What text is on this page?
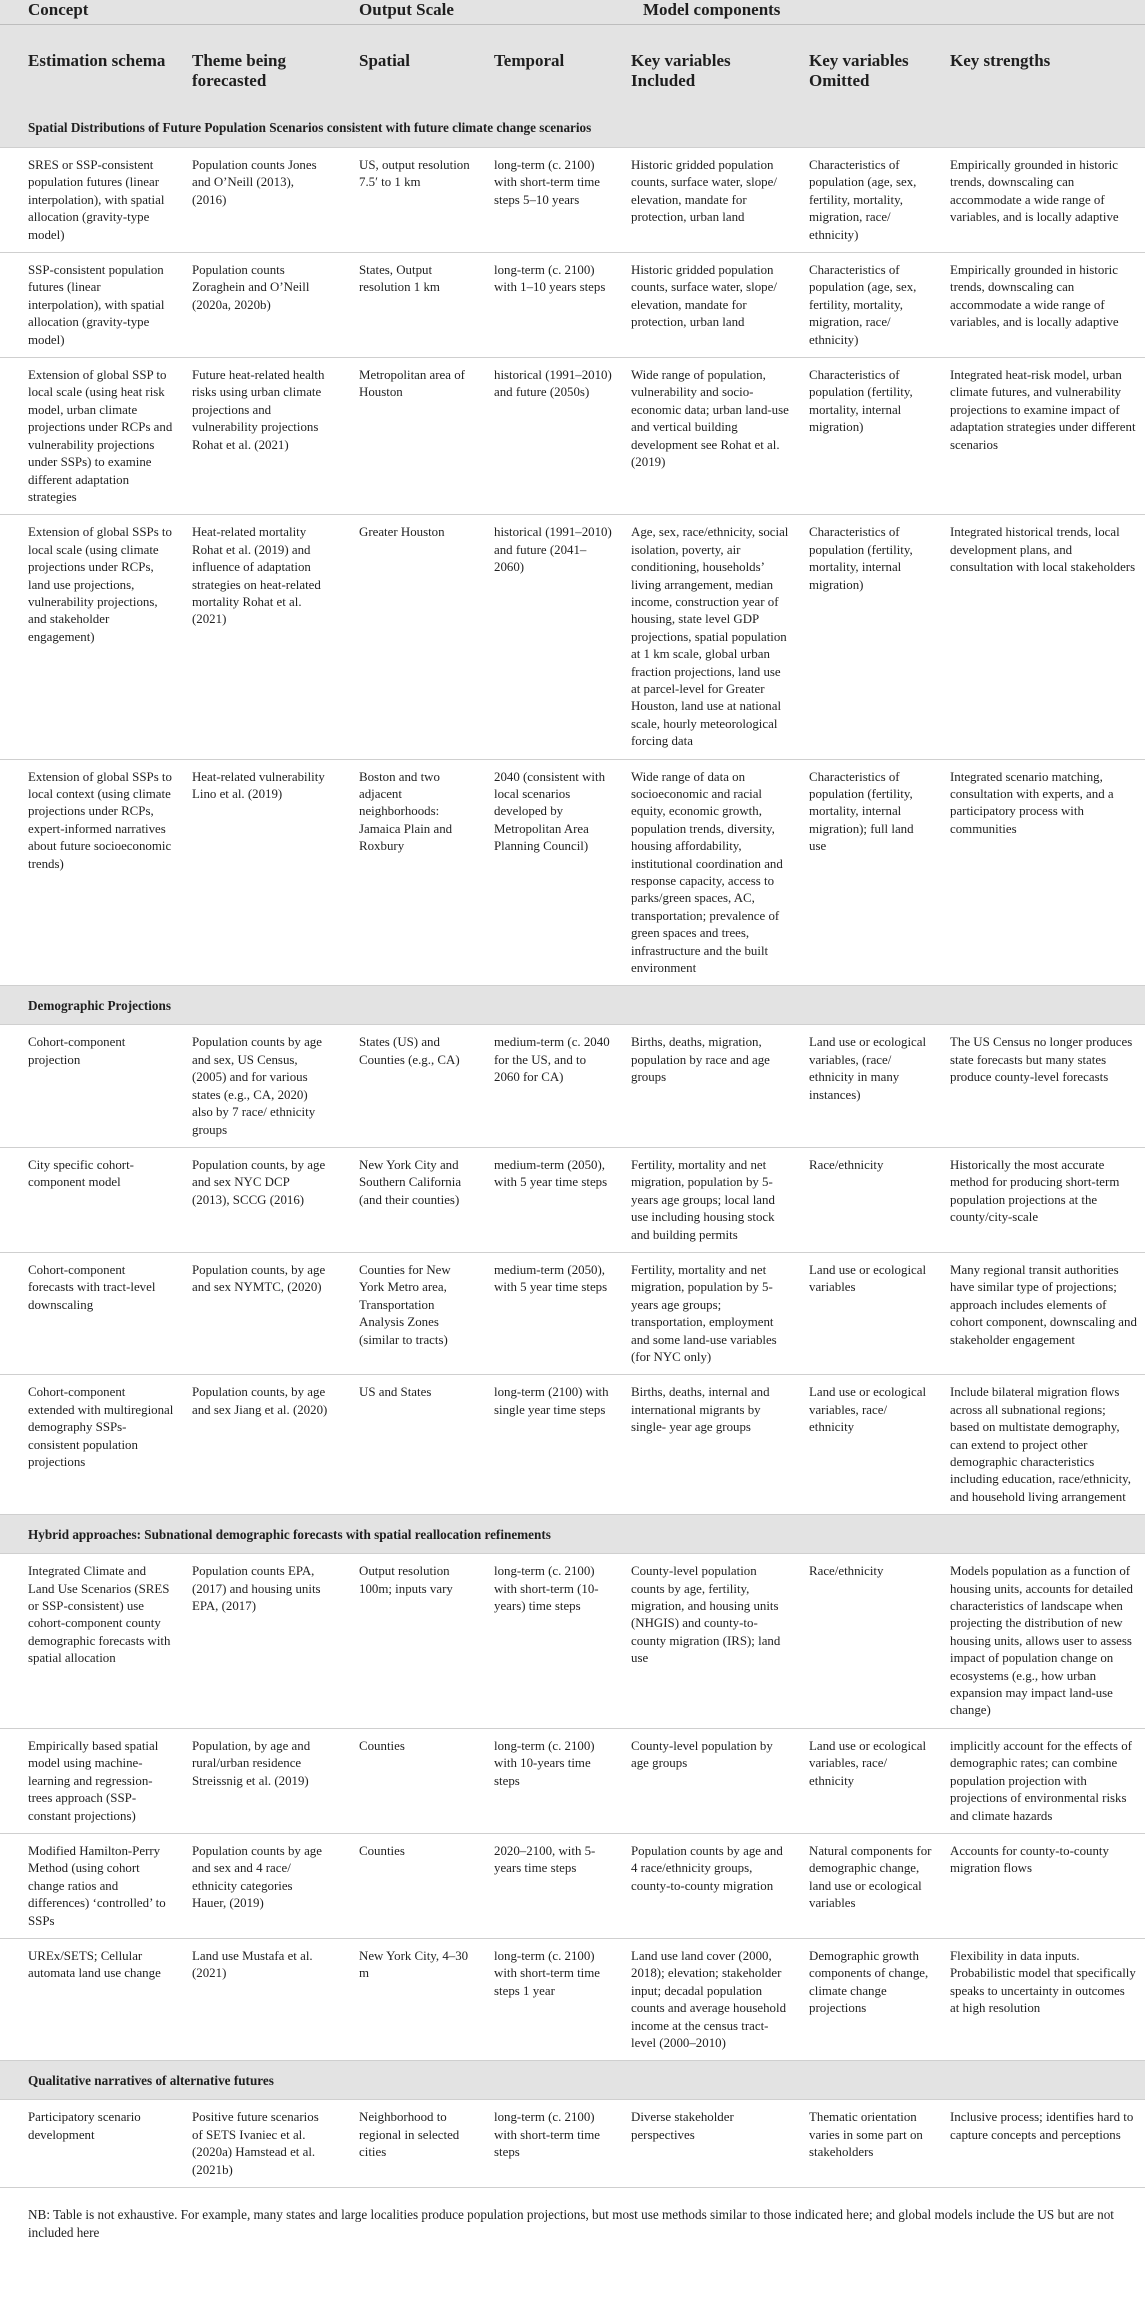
Concept		Output Scale		Model components		
Estimation schema	Theme being forecasted	Spatial	Temporal	Key variables Included	Key variables Omitted	Key strengths
Spatial Distributions of Future Population Scenarios consistent with future climate change scenarios						
SRES or SSP-consistent population futures (linear interpolation), with spatial allocation (gravity-type model)	Population counts Jones and O’Neill (2013), (2016)	US, output resolution 7.5′ to 1 km	long-term (c. 2100) with short-term time steps 5–10 years	Historic gridded population counts, surface water, slope/ elevation, mandate for protection, urban land	Characteristics of population (age, sex, fertility, mortality, migration, race/ ethnicity)	Empirically grounded in historic trends, downscaling can accommodate a wide range of variables, and is locally adaptive
SSP-consistent population futures (linear interpolation), with spatial allocation (gravity-type model)	Population counts Zoraghein and O’Neill (2020a, 2020b)	States, Output resolution 1 km	long-term (c. 2100) with 1–10 years steps	Historic gridded population counts, surface water, slope/ elevation, mandate for protection, urban land	Characteristics of population (age, sex, fertility, mortality, migration, race/ ethnicity)	Empirically grounded in historic trends, downscaling can accommodate a wide range of variables, and is locally adaptive
Extension of global SSP to local scale (using heat risk model, urban climate projections under RCPs and vulnerability projections under SSPs) to examine different adaptation strategies	Future heat-related health risks using urban climate projections and vulnerability projections Rohat et al. (2021)	Metropolitan area of Houston	historical (1991–2010) and future (2050s)	Wide range of population, vulnerability and socio-economic data; urban land-use and vertical building development see Rohat et al. (2019)	Characteristics of population (fertility, mortality, internal migration)	Integrated heat-risk model, urban climate futures, and vulnerability projections to examine impact of adaptation strategies under different scenarios
Extension of global SSPs to local scale (using climate projections under RCPs, land use projections, vulnerability projections, and stakeholder engagement)	Heat-related mortality Rohat et al. (2019) and influence of adaptation strategies on heat-related mortality Rohat et al. (2021)	Greater Houston	historical (1991–2010) and future (2041–2060)	Age, sex, race/ethnicity, social isolation, poverty, air conditioning, households’ living arrangement, median income, construction year of housing, state level GDP projections, spatial population at 1 km scale, global urban fraction projections, land use at parcel-level for Greater Houston, land use at national scale, hourly meteorological forcing data	Characteristics of population (fertility, mortality, internal migration)	Integrated historical trends, local development plans, and consultation with local stakeholders
Extension of global SSPs to local context (using climate projections under RCPs, expert-informed narratives about future socioeconomic trends)	Heat-related vulnerability Lino et al. (2019)	Boston and two adjacent neighborhoods: Jamaica Plain and Roxbury	2040 (consistent with local scenarios developed by Metropolitan Area Planning Council)	Wide range of data on socioeconomic and racial equity, economic growth, population trends, diversity, housing affordability, institutional coordination and response capacity, access to parks/green spaces, AC, transportation; prevalence of green spaces and trees, infrastructure and the built environment	Characteristics of population (fertility, mortality, internal migration); full land use	Integrated scenario matching, consultation with experts, and a participatory process with communities
Demographic Projections						
Cohort-component projection	Population counts by age and sex, US Census, (2005) and for various states (e.g., CA, 2020) also by 7 race/ ethnicity groups	States (US) and Counties (e.g., CA)	medium-term (c. 2040 for the US, and to 2060 for CA)	Births, deaths, migration, population by race and age groups	Land use or ecological variables, (race/ ethnicity in many instances)	The US Census no longer produces state forecasts but many states produce county-level forecasts
City specific cohort-component model	Population counts, by age and sex NYC DCP (2013), SCCG (2016)	New York City and Southern California (and their counties)	medium-term (2050), with 5 year time steps	Fertility, mortality and net migration, population by 5-years age groups; local land use including housing stock and building permits	Race/ethnicity	Historically the most accurate method for producing short-term population projections at the county/city-scale
Cohort-component forecasts with tract-level downscaling	Population counts, by age and sex NYMTC, (2020)	Counties for New York Metro area, Transportation Analysis Zones (similar to tracts)	medium-term (2050), with 5 year time steps	Fertility, mortality and net migration, population by 5-years age groups; transportation, employment and some land-use variables (for NYC only)	Land use or ecological variables	Many regional transit authorities have similar type of projections; approach includes elements of cohort component, downscaling and stakeholder engagement
Cohort-component extended with multiregional demography SSPs-consistent population projections	Population counts, by age and sex Jiang et al. (2020)	US and States	long-term (2100) with single year time steps	Births, deaths, internal and international migrants by single- year age groups	Land use or ecological variables, race/ ethnicity	Include bilateral migration flows across all subnational regions; based on multistate demography, can extend to project other demographic characteristics including education, race/ethnicity, and household living arrangement
Hybrid approaches: Subnational demographic forecasts with spatial reallocation refinements						
Integrated Climate and Land Use Scenarios (SRES or SSP-consistent) use cohort-component county demographic forecasts with spatial allocation	Population counts EPA, (2017) and housing units EPA, (2017)	Output resolution 100m; inputs vary	long-term (c. 2100) with short-term (10-years) time steps	County-level population counts by age, fertility, migration, and housing units (NHGIS) and county-to-county migration (IRS); land use	Race/ethnicity	Models population as a function of housing units, accounts for detailed characteristics of landscape when projecting the distribution of new housing units, allows user to assess impact of population change on ecosystems (e.g., how urban expansion may impact land-use change)
Empirically based spatial model using machine-learning and regression-trees approach (SSP-constant projections)	Population, by age and rural/urban residence Streissnig et al. (2019)	Counties	long-term (c. 2100) with 10-years time steps	County-level population by age groups	Land use or ecological variables, race/ ethnicity	implicitly account for the effects of demographic rates; can combine population projection with projections of environmental risks and climate hazards
Modified Hamilton-Perry Method (using cohort change ratios and differences) ‘controlled’ to SSPs	Population counts by age and sex and 4 race/ ethnicity categories Hauer, (2019)	Counties	2020–2100, with 5-years time steps	Population counts by age and 4 race/ethnicity groups, county-to-county migration	Natural components for demographic change, land use or ecological variables	Accounts for county-to-county migration flows
UREx/SETS; Cellular automata land use change	Land use Mustafa et al. (2021)	New York City, 4–30 m	long-term (c. 2100) with short-term time steps 1 year	Land use land cover (2000, 2018); elevation; stakeholder input; decadal population counts and average household income at the census tract-level (2000–2010)	Demographic growth components of change, climate change projections	Flexibility in data inputs. Probabilistic model that specifically speaks to uncertainty in outcomes at high resolution
Qualitative narratives of alternative futures						
Participatory scenario development	Positive future scenarios of SETS Ivaniec et al. (2020a) Hamstead et al. (2021b)	Neighborhood to regional in selected cities	long-term (c. 2100) with short-term time steps	Diverse stakeholder perspectives	Thematic orientation varies in some part on stakeholders	Inclusive process; identifies hard to capture concepts and perceptions
NB: Table is not exhaustive. For example, many states and large localities produce population projections, but most use methods similar to those indicated here; and global models include the US but are not included here
